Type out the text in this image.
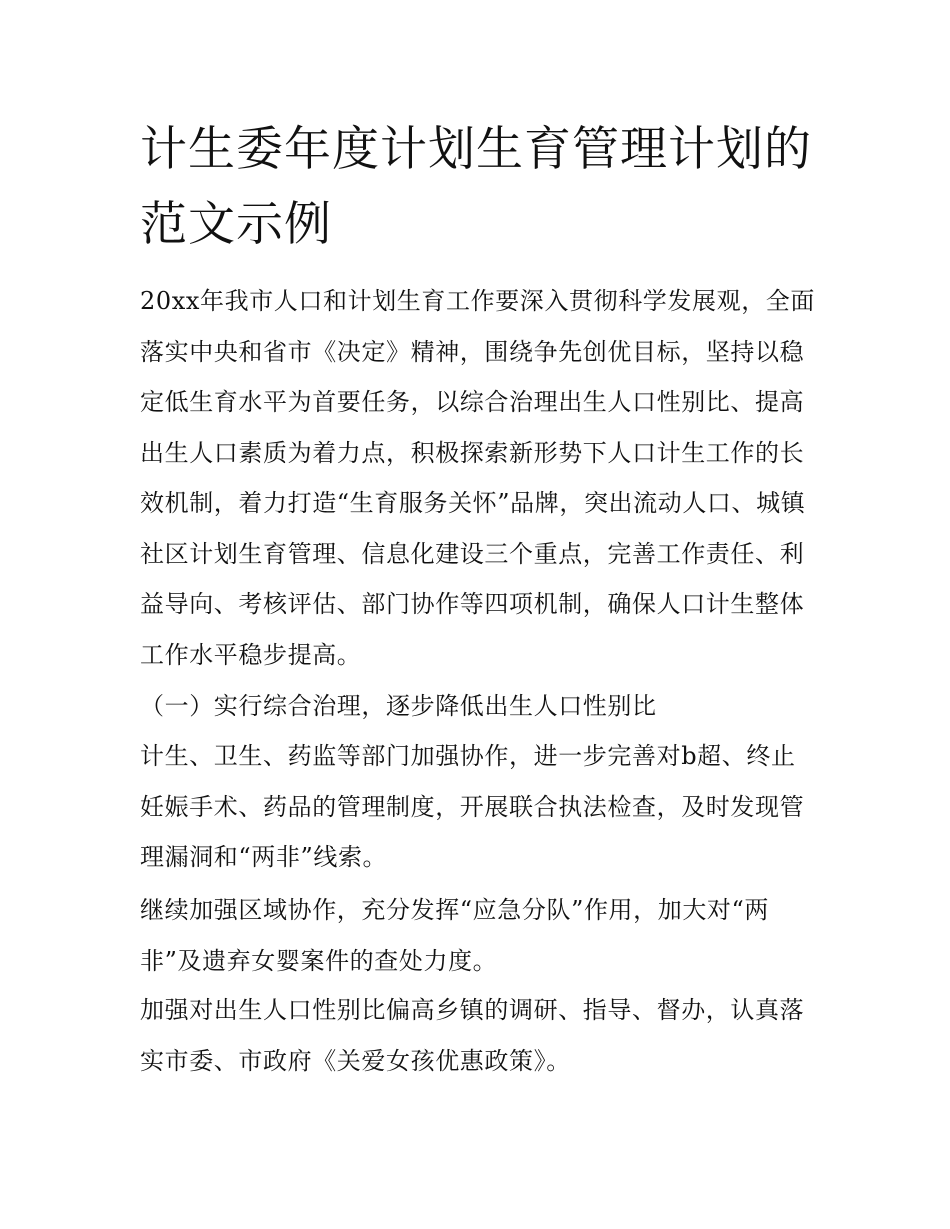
计生委年度计划生育管理计划的范文示例

20xx年我市人口和计划生育工作要深入贯彻科学发展观，全面落实中央和省市《决定》精神，围绕争先创优目标，坚持以稳定低生育水平为首要任务，以综合治理出生人口性别比、提高出生人口素质为着力点，积极探索新形势下人口计生工作的长效机制，着力打造“生育服务关怀”品牌，突出流动人口、城镇社区计划生育管理、信息化建设三个重点，完善工作责任、利益导向、考核评估、部门协作等四项机制，确保人口计生整体工作水平稳步提高。

（一）实行综合治理，逐步降低出生人口性别比

计生、卫生、药监等部门加强协作，进一步完善对b超、终止妊娠手术、药品的管理制度，开展联合执法检查，及时发现管理漏洞和“两非”线索。

继续加强区域协作，充分发挥“应急分队”作用，加大对“两非”及遗弃女婴案件的查处力度。

加强对出生人口性别比偏高乡镇的调研、指导、督办，认真落实市委、市政府《关爱女孩优惠政策》。
